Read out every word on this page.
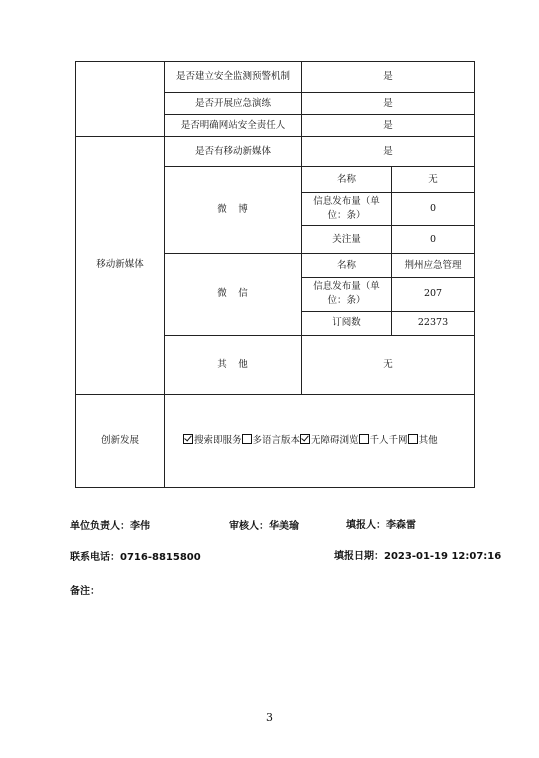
	是否建立安全监测预警机制	是	
	是否开展应急演练	是	
	是否明确网站安全责任人	是	
移动新媒体	是否有移动新媒体	是	
	微　博	名称	无
		信息发布量（单位：条）	0
		关注量	0
	微　信	名称	荆州应急管理
		信息发布量（单位：条）	207
		订阅数	22373
	其　他	无	
创新发展	搜索即服务 多语言版本 无障碍浏览 千人千网 其他		
单位负责人：李伟	审核人：华美瑜	填报人：李森雷
联系电话：0716-8815800	填报日期：2023-01-19 12:07:16
备注：
3
